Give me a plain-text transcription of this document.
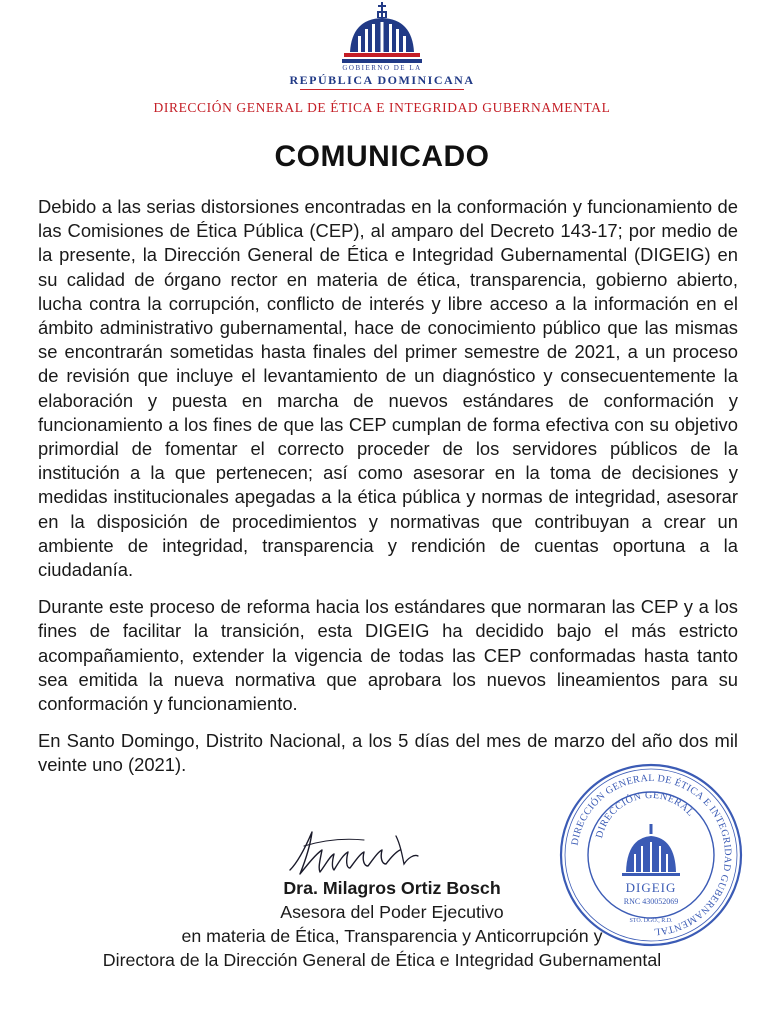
GOBIERNO DE LA
REPÚBLICA DOMINICANA
DIRECCIÓN GENERAL DE ÉTICA E INTEGRIDAD GUBERNAMENTAL
COMUNICADO

Debido a las serias distorsiones encontradas en la conformación y funcionamiento de las Comisiones de Ética Pública (CEP), al amparo del Decreto 143-17; por medio de la presente, la Dirección General de Ética e Integridad Gubernamental (DIGEIG) en su calidad de órgano rector en materia de ética, transparencia, gobierno abierto, lucha contra la corrupción, conflicto de interés y libre acceso a la información en el ámbito administrativo gubernamental, hace de conocimiento público que las mismas se encontrarán sometidas hasta finales del primer semestre de 2021, a un proceso de revisión que incluye el levantamiento de un diagnóstico y consecuentemente la elaboración y puesta en marcha de nuevos estándares de conformación y funcionamiento a los fines de que las CEP cumplan de forma efectiva con su objetivo primordial de fomentar el correcto proceder de los servidores públicos de la institución a la que pertenecen; así como asesorar en la toma de decisiones y medidas institucionales apegadas a la ética pública y normas de integridad, asesorar en la disposición de procedimientos y normativas que contribuyan a crear un ambiente de integridad, transparencia y rendición de cuentas oportuna a la ciudadanía.

Durante este proceso de reforma hacia los estándares que normaran las CEP y a los fines de facilitar la transición, esta DIGEIG ha decidido bajo el más estricto acompañamiento, extender la vigencia de todas las CEP conformadas hasta tanto sea emitida la nueva normativa que aprobara los nuevos lineamientos para su conformación y funcionamiento.

En Santo Domingo, Distrito Nacional, a los 5 días del mes de marzo del año dos mil veinte uno (2021).

DIRECCIÓN GENERAL DE ÉTICA E INTEGRIDAD GUBERNAMENTAL
DIRECCIÓN GENERAL
DIGEIG
RNC 430052069
STO. DGO., R.D.
Dra. Milagros Ortiz Bosch
Asesora del Poder Ejecutivo
en materia de Ética, Transparencia y Anticorrupción y
Directora de la Dirección General de Ética e Integridad Gubernamental
